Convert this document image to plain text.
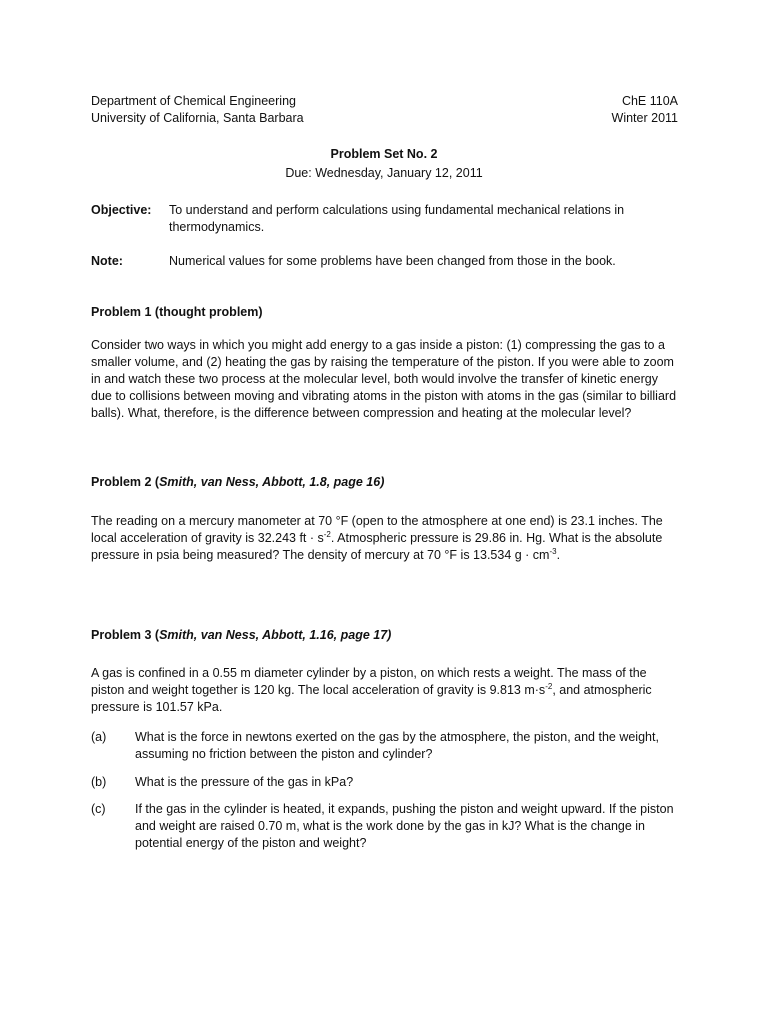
Department of Chemical Engineering	ChE 110A
University of California, Santa Barbara	Winter 2011
Problem Set No. 2
Due: Wednesday, January 12, 2011
Objective:	To understand and perform calculations using fundamental mechanical relations in thermodynamics.
Note:	Numerical values for some problems have been changed from those in the book.
Problem 1 (thought problem)
Consider two ways in which you might add energy to a gas inside a piston: (1) compressing the gas to a smaller volume, and (2) heating the gas by raising the temperature of the piston. If you were able to zoom in and watch these two process at the molecular level, both would involve the transfer of kinetic energy due to collisions between moving and vibrating atoms in the piston with atoms in the gas (similar to billiard balls). What, therefore, is the difference between compression and heating at the molecular level?
Problem 2 (Smith, van Ness, Abbott, 1.8, page 16)
The reading on a mercury manometer at 70 °F (open to the atmosphere at one end) is 23.1 inches. The local acceleration of gravity is 32.243 ft · $s^{-2}$. Atmospheric pressure is 29.86 in. Hg. What is the absolute pressure in psia being measured? The density of mercury at 70 °F is 13.534 $g \cdot cm^{-3}$.
Problem 3 (Smith, van Ness, Abbott, 1.16, page 17)
A gas is confined in a 0.55 m diameter cylinder by a piston, on which rests a weight. The mass of the piston and weight together is 120 kg. The local acceleration of gravity is 9.813 $m\cdot s^{-2}$, and atmospheric pressure is 101.57 kPa.
(a)	What is the force in newtons exerted on the gas by the atmosphere, the piston, and the weight, assuming no friction between the piston and cylinder?
(b)	What is the pressure of the gas in kPa?
(c)	If the gas in the cylinder is heated, it expands, pushing the piston and weight upward. If the piston and weight are raised 0.70 m, what is the work done by the gas in kJ? What is the change in potential energy of the piston and weight?
